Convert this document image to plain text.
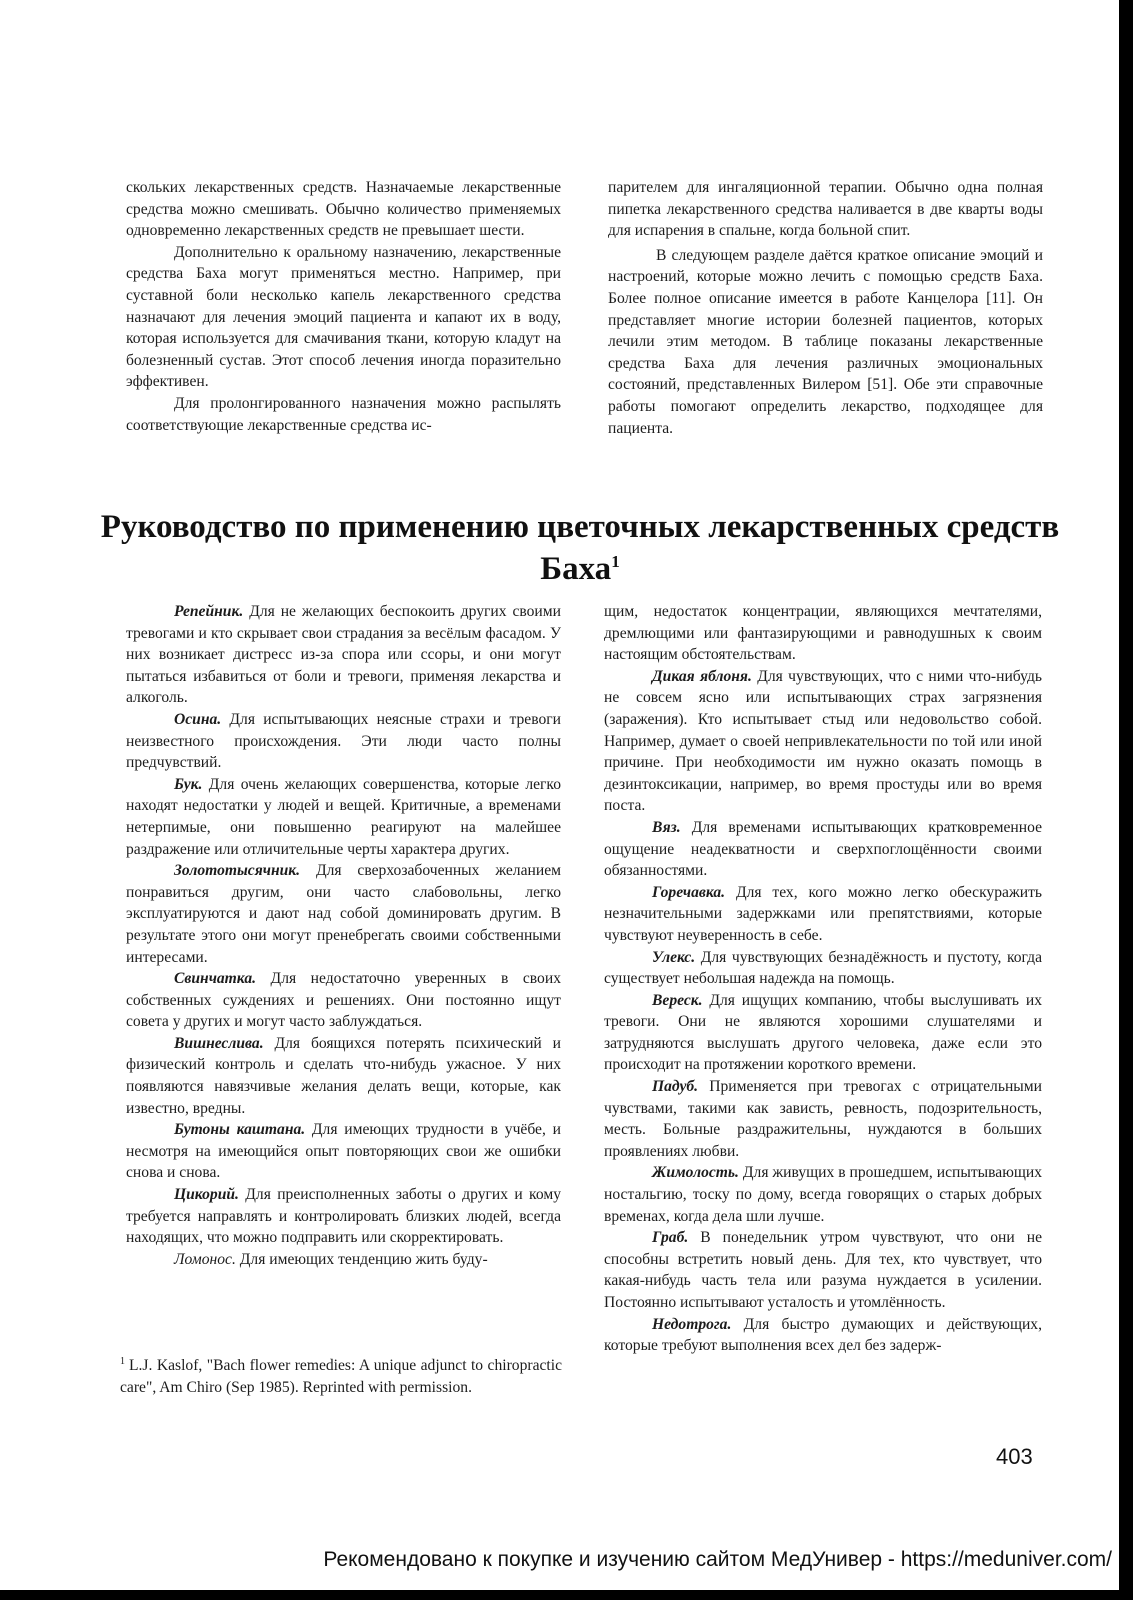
скольких лекарственных средств. Назначаемые лекарственные средства можно смешивать. Обычно количество применяемых одновременно лекарственных средств не превышает шести.

Дополнительно к оральному назначению, лекарственные средства Баха могут применяться местно. Например, при суставной боли несколько капель лекарственного средства назначают для лечения эмоций пациента и капают их в воду, которая используется для смачивания ткани, которую кладут на болезненный сустав. Этот способ лечения иногда поразительно эффективен.

Для пролонгированного назначения можно распылять соответствующие лекарственные средства ис-

парителем для ингаляционной терапии. Обычно одна полная пипетка лекарственного средства наливается в две кварты воды для испарения в спальне, когда больной спит.

В следующем разделе даётся краткое описание эмоций и настроений, которые можно лечить с помощью средств Баха. Более полное описание имеется в работе Канцелора [11]. Он представляет многие истории болезней пациентов, которых лечили этим методом. В таблице показаны лекарственные средства Баха для лечения различных эмоциональных состояний, представленных Вилером [51]. Обе эти справочные работы помогают определить лекарство, подходящее для пациента.

Руководство по применению цветочных лекарственных средств Баха$^1$

Репейник. Для не желающих беспокоить других своими тревогами и кто скрывает свои страдания за весёлым фасадом. У них возникает дистресс из-за спора или ссоры, и они могут пытаться избавиться от боли и тревоги, применяя лекарства и алкоголь.

Осина. Для испытывающих неясные страхи и тревоги неизвестного происхождения. Эти люди часто полны предчувствий.

Бук. Для очень желающих совершенства, которые легко находят недостатки у людей и вещей. Критичные, а временами нетерпимые, они повышенно реагируют на малейшее раздражение или отличительные черты характера других.

Золототысячник. Для сверхозабоченных желанием понравиться другим, они часто слабовольны, легко эксплуатируются и дают над собой доминировать другим. В результате этого они могут пренебрегать своими собственными интересами.

Свинчатка. Для недостаточно уверенных в своих собственных суждениях и решениях. Они постоянно ищут совета у других и могут часто заблуждаться.

Вишнеслива. Для боящихся потерять психический и физический контроль и сделать что-нибудь ужасное. У них появляются навязчивые желания делать вещи, которые, как известно, вредны.

Бутоны каштана. Для имеющих трудности в учёбе, и несмотря на имеющийся опыт повторяющих свои же ошибки снова и снова.

Цикорий. Для преисполненных заботы о других и кому требуется направлять и контролировать близких людей, всегда находящих, что можно подправить или скорректировать.

Ломонос. Для имеющих тенденцию жить буду-

$^1$ L.J. Kaslof, "Bach flower remedies: A unique adjunct to chiropractic care", Am Chiro (Sep 1985). Reprinted with permission.

щим, недостаток концентрации, являющихся мечтателями, дремлющими или фантазирующими и равнодушных к своим настоящим обстоятельствам.

Дикая яблоня. Для чувствующих, что с ними что-нибудь не совсем ясно или испытывающих страх загрязнения (заражения). Кто испытывает стыд или недовольство собой. Например, думает о своей непривлекательности по той или иной причине. При необходимости им нужно оказать помощь в дезинтоксикации, например, во время простуды или во время поста.

Вяз. Для временами испытывающих кратковременное ощущение неадекватности и сверхпоглощённости своими обязанностями.

Горечавка. Для тех, кого можно легко обескуражить незначительными задержками или препятствиями, которые чувствуют неуверенность в себе.

Улекс. Для чувствующих безнадёжность и пустоту, когда существует небольшая надежда на помощь.

Вереск. Для ищущих компанию, чтобы выслушивать их тревоги. Они не являются хорошими слушателями и затрудняются выслушать другого человека, даже если это происходит на протяжении короткого времени.

Падуб. Применяется при тревогах с отрицательными чувствами, такими как зависть, ревность, подозрительность, месть. Больные раздражительны, нуждаются в больших проявлениях любви.

Жимолость. Для живущих в прошедшем, испытывающих ностальгию, тоску по дому, всегда говорящих о старых добрых временах, когда дела шли лучше.

Граб. В понедельник утром чувствуют, что они не способны встретить новый день. Для тех, кто чувствует, что какая-нибудь часть тела или разума нуждается в усилении. Постоянно испытывают усталость и утомлённость.

Недотрога. Для быстро думающих и действующих, которые требуют выполнения всех дел без задерж-

403
Рекомендовано к покупке и изучению сайтом МедУнивер - https://meduniver.com/
